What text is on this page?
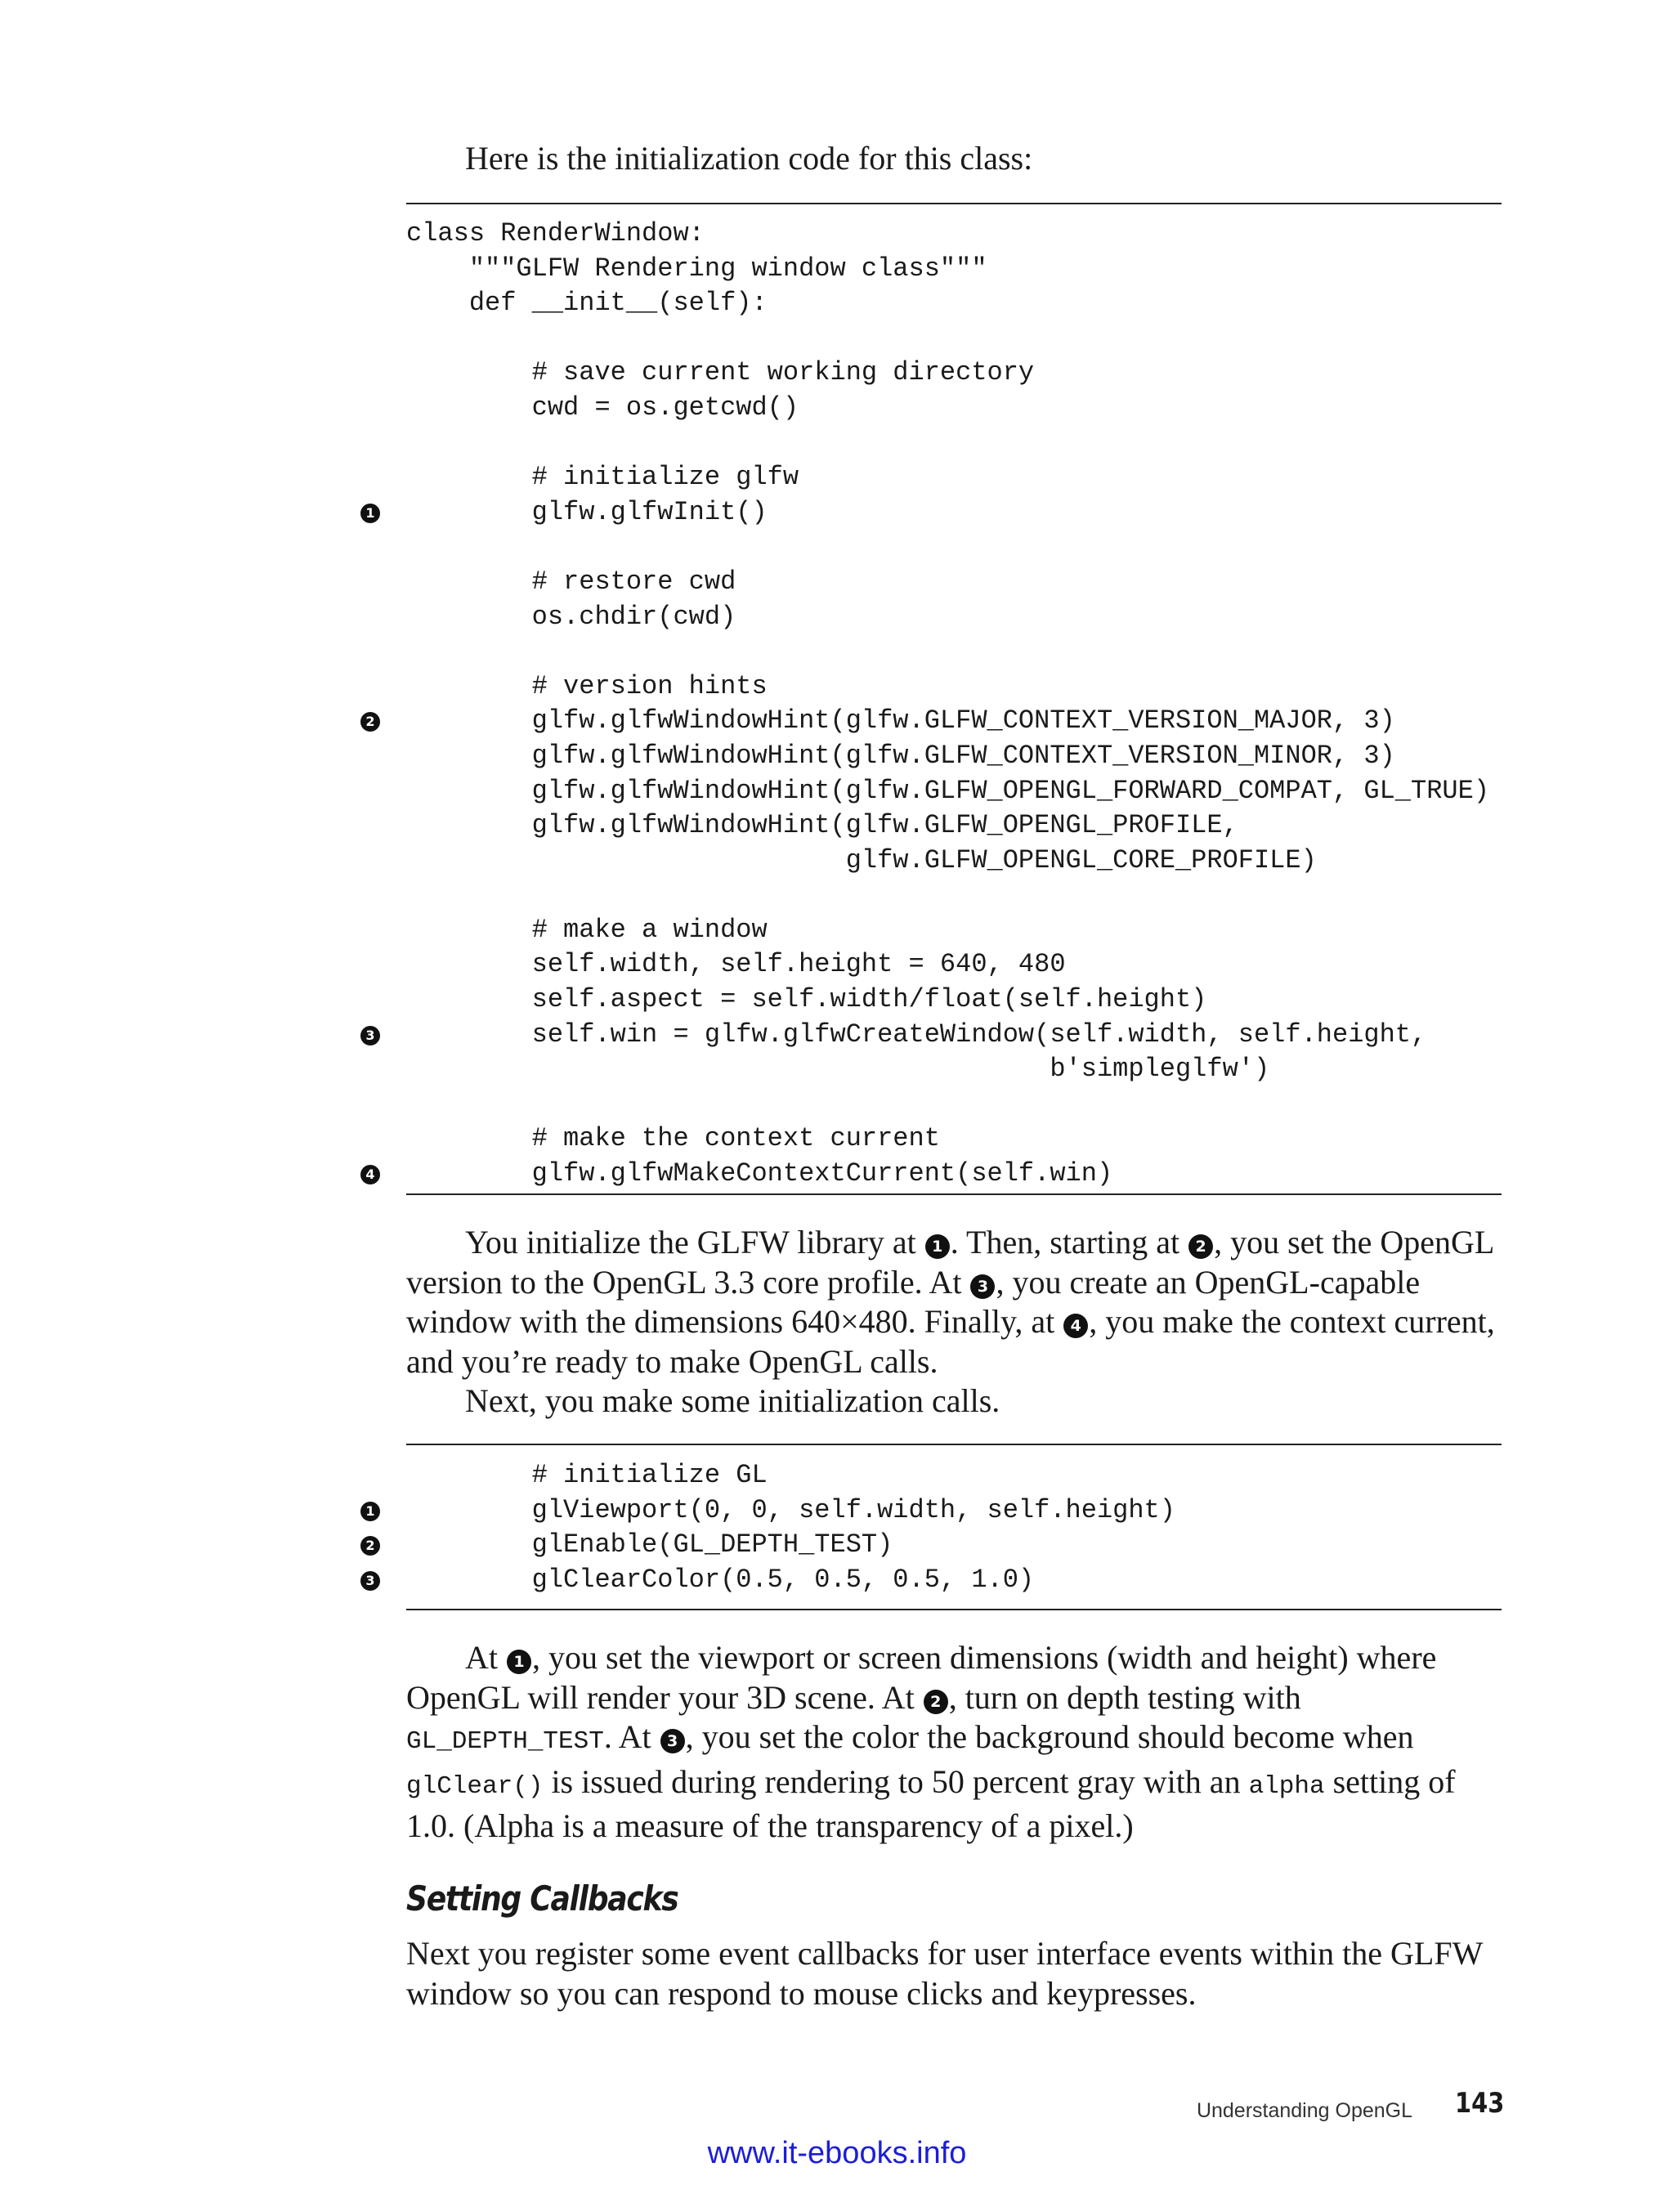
Here is the initialization code for this class:

class RenderWindow:
"""GLFW Rendering window class"""
def __init__(self):
# save current working directory
cwd = os.getcwd()
# initialize glfw
1 glfw.glfwInit()
# restore cwd
os.chdir(cwd)
# version hints
2 glfw.glfwWindowHint(glfw.GLFW_CONTEXT_VERSION_MAJOR, 3)
glfw.glfwWindowHint(glfw.GLFW_CONTEXT_VERSION_MINOR, 3)
glfw.glfwWindowHint(glfw.GLFW_OPENGL_FORWARD_COMPAT, GL_TRUE)
glfw.glfwWindowHint(glfw.GLFW_OPENGL_PROFILE,
glfw.GLFW_OPENGL_CORE_PROFILE)
# make a window
self.width, self.height = 640, 480
self.aspect = self.width/float(self.height)
3 self.win = glfw.glfwCreateWindow(self.width, self.height,
b'simpleglfw')
# make the context current
4 glfw.glfwMakeContextCurrent(self.win)

You initialize the GLFW library at 1 . Then, starting at 2 , you set the OpenGL version to the OpenGL 3.3 core profile. At 3 , you create an OpenGL-capable window with the dimensions 640×480. Finally, at 4 , you make the context current, and you’re ready to make OpenGL calls.

Next, you make some initialization calls.

# initialize GL
1 glViewport(0, 0, self.width, self.height)
2 glEnable(GL_DEPTH_TEST)
3 glClearColor(0.5, 0.5, 0.5, 1.0)

At 1 , you set the viewport or screen dimensions (width and height) where OpenGL will render your 3D scene. At 2 , turn on depth testing with GL_DEPTH_TEST. At 3 , you set the color the background should become when glClear() is issued during rendering to 50 percent gray with an alpha setting of 1.0. (Alpha is a measure of the transparency of a pixel.)

Setting Callbacks

Next you register some event callbacks for user interface events within the GLFW window so you can respond to mouse clicks and keypresses.

Understanding OpenGL 143
www.it-ebooks.info
